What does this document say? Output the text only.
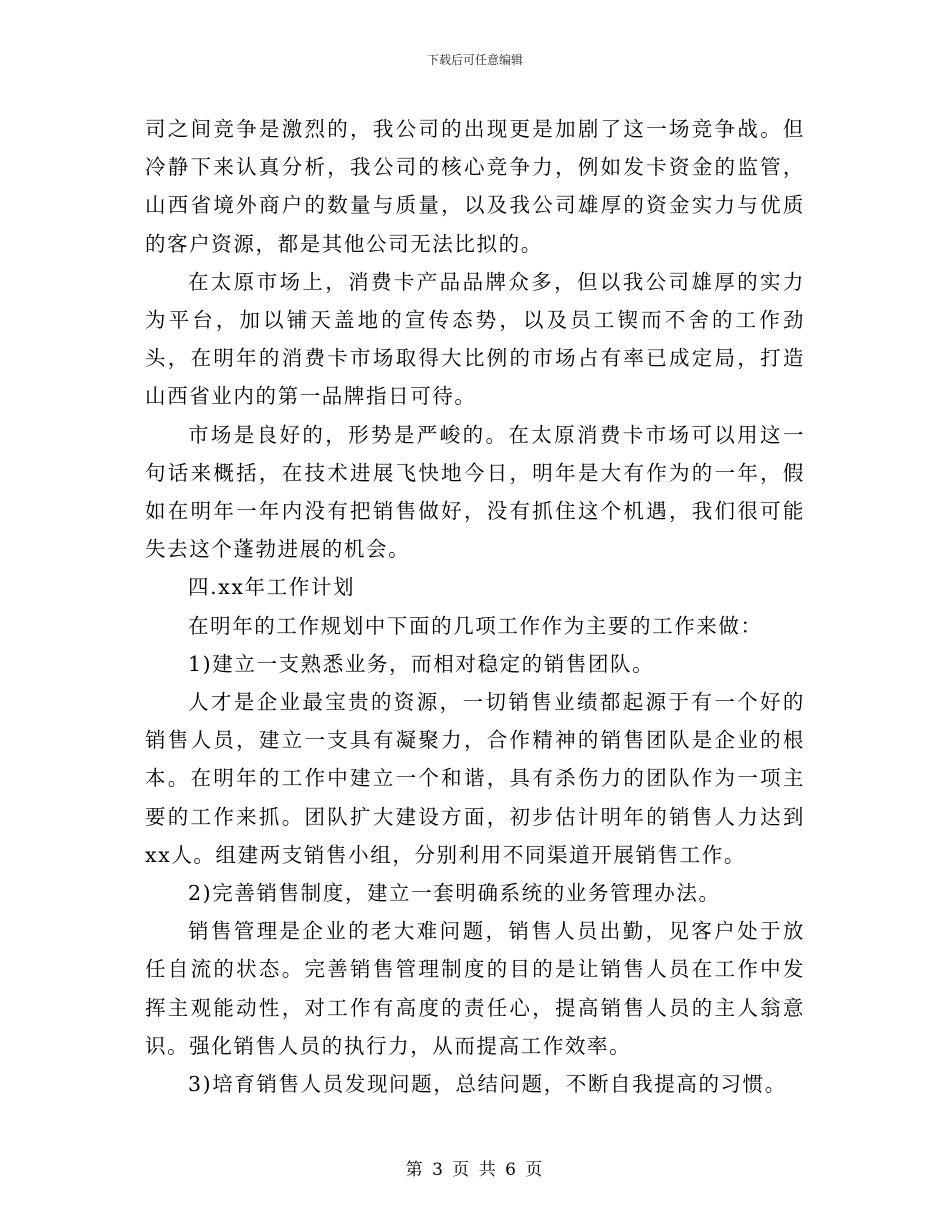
下载后可任意编辑

司之间竞争是激烈的，我公司的出现更是加剧了这一场竞争战。但冷静下来认真分析，我公司的核心竞争力，例如发卡资金的监管，山西省境外商户的数量与质量，以及我公司雄厚的资金实力与优质的客户资源，都是其他公司无法比拟的。

在太原市场上，消费卡产品品牌众多，但以我公司雄厚的实力为平台，加以铺天盖地的宣传态势，以及员工锲而不舍的工作劲头，在明年的消费卡市场取得大比例的市场占有率已成定局，打造山西省业内的第一品牌指日可待。

市场是良好的，形势是严峻的。在太原消费卡市场可以用这一句话来概括，在技术进展飞快地今日，明年是大有作为的一年，假如在明年一年内没有把销售做好，没有抓住这个机遇，我们很可能失去这个蓬勃进展的机会。

四.xx年工作计划

在明年的工作规划中下面的几项工作作为主要的工作来做：

1)建立一支熟悉业务，而相对稳定的销售团队。

人才是企业最宝贵的资源，一切销售业绩都起源于有一个好的销售人员，建立一支具有凝聚力，合作精神的销售团队是企业的根本。在明年的工作中建立一个和谐，具有杀伤力的团队作为一项主要的工作来抓。团队扩大建设方面，初步估计明年的销售人力达到xx人。组建两支销售小组，分别利用不同渠道开展销售工作。

2)完善销售制度，建立一套明确系统的业务管理办法。

销售管理是企业的老大难问题，销售人员出勤，见客户处于放任自流的状态。完善销售管理制度的目的是让销售人员在工作中发挥主观能动性，对工作有高度的责任心，提高销售人员的主人翁意识。强化销售人员的执行力，从而提高工作效率。

3)培育销售人员发现问题，总结问题，不断自我提高的习惯。

第 3 页 共 6 页
